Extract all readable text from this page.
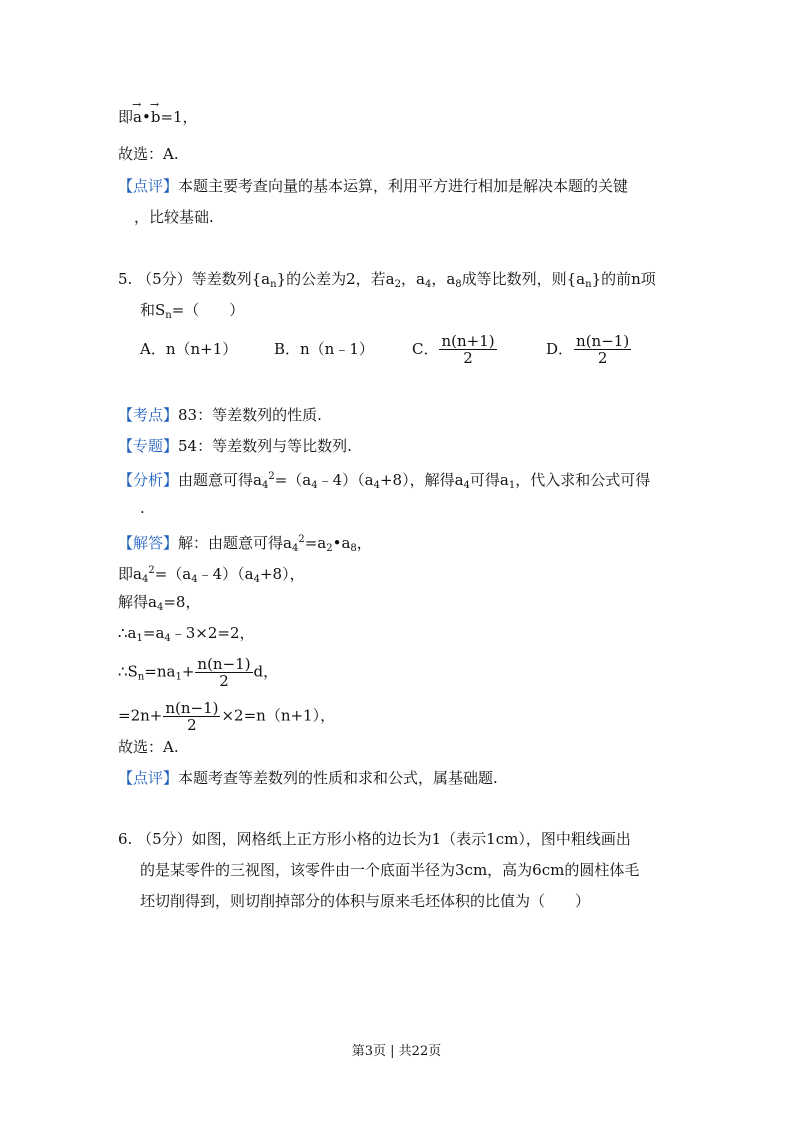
即→ a•→ b=1，
故选：A.
【点评】本题主要考查向量的基本运算，利用平方进行相加是解决本题的关键
，比较基础.
5. （5分）等差数列$\{a_n\}$的公差为2，若$a_2$，$a_4$，$a_8$成等比数列，则$\{a_n\}$的前n项
和$S_n=$（　　）
A．n（n+1） B．n（n﹣1）	C． $\frac{n(n+1)}{2}$	D． $\frac{n(n-1)}{2}$
【考点】83：等差数列的性质.
【专题】54：等差数列与等比数列.
【分析】由题意可得$a_4^2=(a_4﹣4)(a_4+8)$，解得$a_4$可得$a_1$，代入求和公式可得
.
【解答】解：由题意可得$a_4^2=a_2•a_8$，
即$a_4^2=(a_4﹣4)(a_4+8)$，
解得$a_4=8$，
$\therefore a_1=a_4﹣3\times 2=2$，
$\therefore S_n=na_1+ \frac{n(n-1)}{2}$ d，
$=2n+ \frac{n(n-1)}{2} \times 2=n(n+1)$，
故选：A.
【点评】本题考查等差数列的性质和求和公式，属基础题.
6. （5分）如图，网格纸上正方形小格的边长为1（表示1cm），图中粗线画出
的是某零件的三视图，该零件由一个底面半径为3cm，高为6cm的圆柱体毛
坯切削得到，则切削掉部分的体积与原来毛坯体积的比值为（　　）
第3页 | 共22页
